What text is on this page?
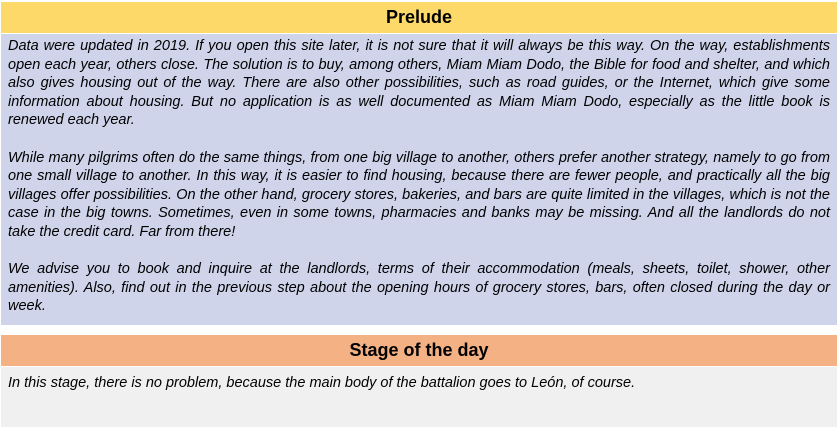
Prelude

Data were updated in 2019. If you open this site later, it is not sure that it will always be this way. On the way, establishments open each year, others close. The solution is to buy, among others, Miam Miam Dodo, the Bible for food and shelter, and which also gives housing out of the way. There are also other possibilities, such as road guides, or the Internet, which give some information about housing. But no application is as well documented as Miam Miam Dodo, especially as the little book is renewed each year.

While many pilgrims often do the same things, from one big village to another, others prefer another strategy, namely to go from one small village to another. In this way, it is easier to find housing, because there are fewer people, and practically all the big villages offer possibilities. On the other hand, grocery stores, bakeries, and bars are quite limited in the villages, which is not the case in the big towns. Sometimes, even in some towns, pharmacies and banks may be missing. And all the landlords do not take the credit card. Far from there!

We advise you to book and inquire at the landlords, terms of their accommodation (meals, sheets, toilet, shower, other amenities). Also, find out in the previous step about the opening hours of grocery stores, bars, often closed during the day or week.

Stage of the day

In this stage, there is no problem, because the main body of the battalion goes to León, of course.
